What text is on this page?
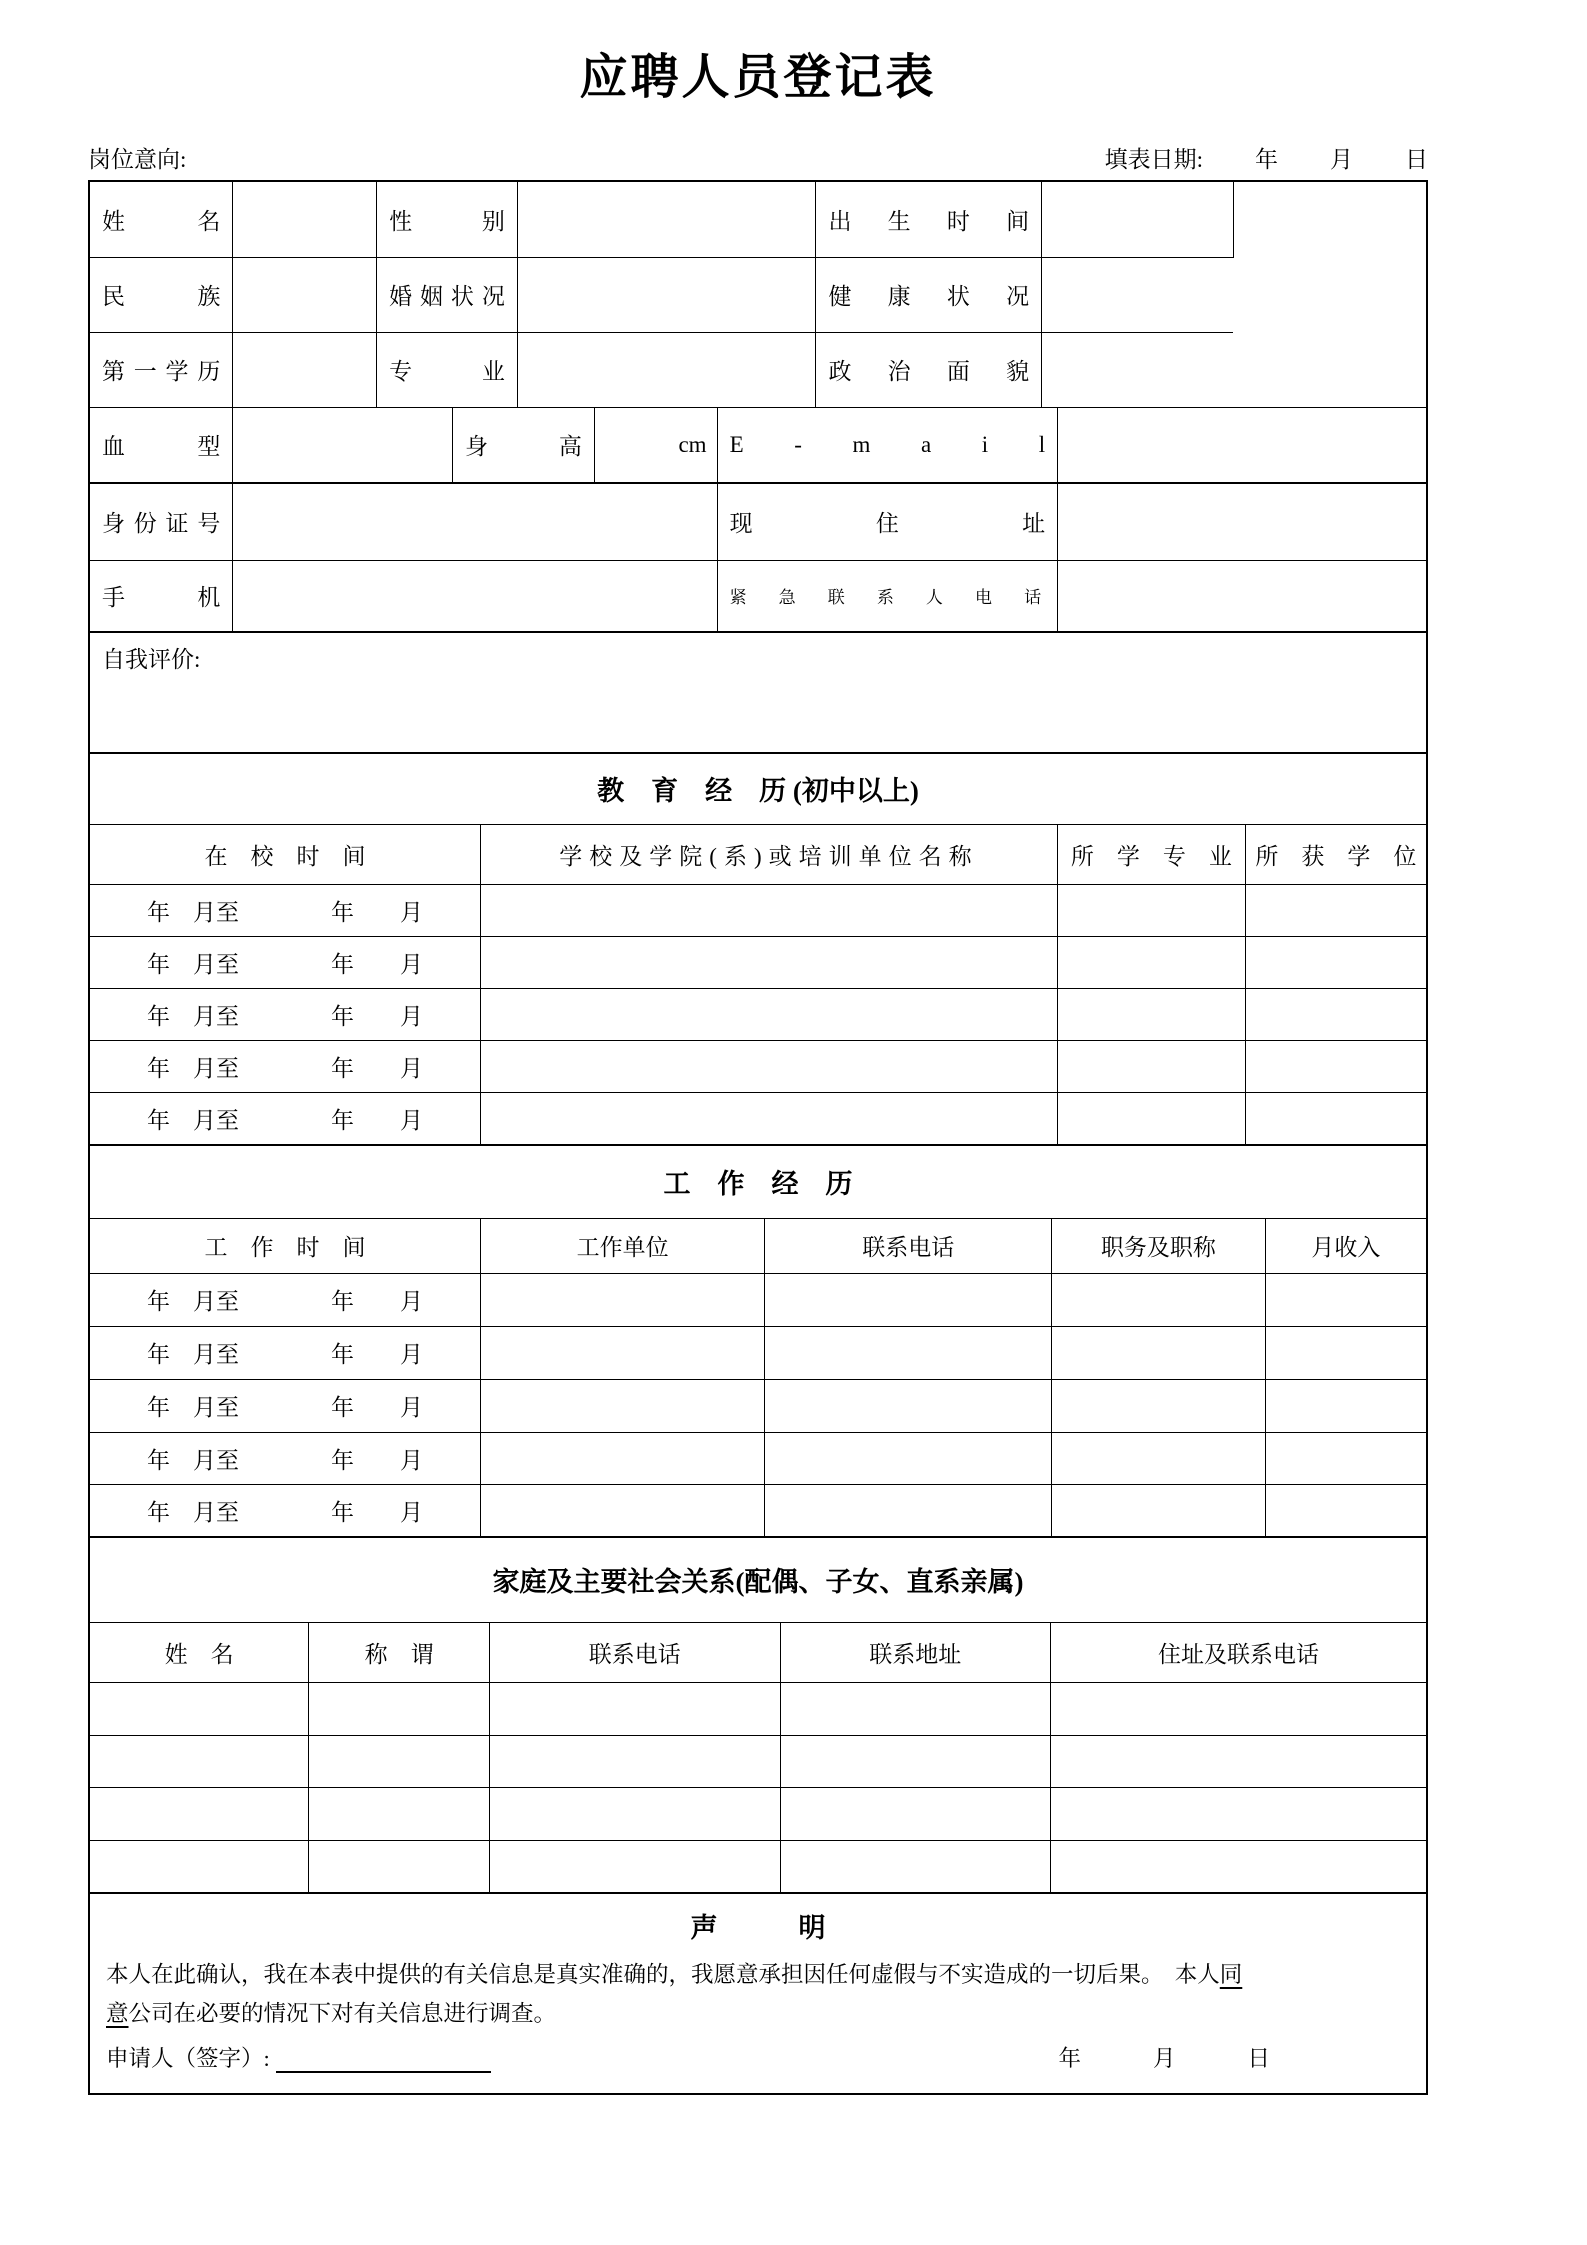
应聘人员登记表
岗位意向:	填表日期: 年 月 日
姓　名		性　别					出　生　时　间			
民　族		婚姻状况					健　康　状　况			
第一学历		专　业					政　治　面　貌			
血　型			身　高		cm	E - m a i l				
身份证号						现　住　址				
手　机						紧急联系人电话				
自我评价:										
教　育　经　历 (初中以上)			
在　校　时　间	学校及学院(系)或培训单位名称	所　学　专　业	所　获　学　位
年　月至　　　　年　　月			
年　月至　　　　年　　月			
年　月至　　　　年　　月			
年　月至　　　　年　　月			
年　月至　　　　年　　月			
工　作　经　历				
工　作　时　间	工作单位	联系电话	职务及职称	月收入
年　月至　　　　年　　月				
年　月至　　　　年　　月				
年　月至　　　　年　　月				
年　月至　　　　年　　月				
年　月至　　　　年　　月				
家庭及主要社会关系(配偶、子女、直系亲属)				
姓　名	称　谓	联系电话	联系地址	住址及联系电话

声　　　明
本人在此确认，我在本表中提供的有关信息是真实准确的，我愿意承担因任何虚假与不实造成的一切后果。　本人同
意公司在必要的情况下对有关信息进行调查。
申请人（签字）:	年	月	日
